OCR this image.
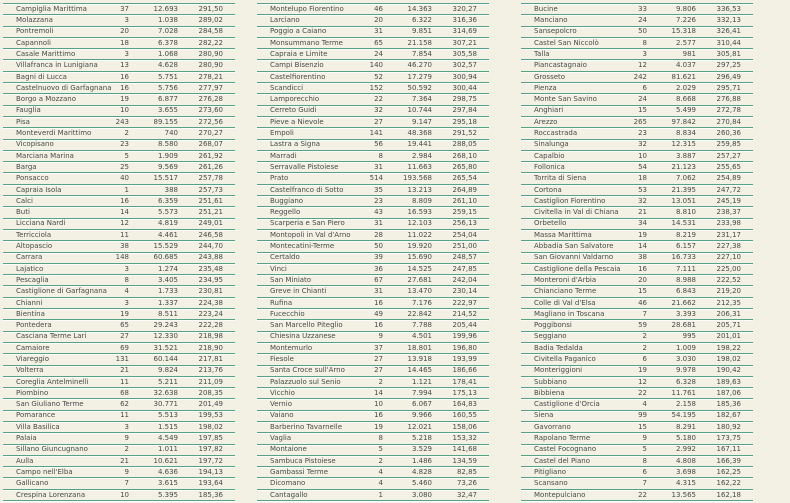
Campiglia Marittima	37	12.693	291,50
Molazzana	3	1.038	289,02
Pontremoli	20	7.028	284,58
Capannoli	18	6.378	282,22
Casale Marittimo	3	1.068	280,90
Villafranca in Lunigiana	13	4.628	280,90
Bagni di Lucca	16	5.751	278,21
Castelnuovo di Garfagnana 16	5.756	277,97
Borgo a Mozzano	19	6.877	276,28
Fauglia	10	3.655	273,60
Pisa	243	89.155	272,56
Monteverdi Marittimo	2	740	270,27
Vicopisano	23	8.580	268,07
Marciana Marina	5	1.909	261,92
Barga	25	9.569	261,26
Ponsacco	40	15.517	257,78
Capraia Isola	1	388	257,73
Calci	16	6.359	251,61
Buti	14	5.573	251,21
Licciana Nardi	12	4.819	249,01
Terricciola	11	4.461	246,58
Altopascio	38	15.529	244,70
Carrara	148	60.685	243,88
Lajatico	3	1.274	235,48
Pescaglia	8	3.405	234,95
Castiglione di Garfagnana	4	1.733	230,81
Chianni	3	1.337	224,38
Bientina	19	8.511	223,24
Pontedera	65	29.243	222,28
Casciana Terme Lari	27	12.330	218,98
Camaiore	69	31.521	218,90
Viareggio	131	60.144	217,81
Volterra	21	9.824	213,76
Coreglia Antelminelli	11	5.211	211,09
Piombino	68	32.638	208,35
San Giuliano Terme	62	30.771	201,49
Pomarance	11	5.513	199,53
Villa Basilica	3	1.515	198,02
Palaia	9	4.549	197,85
Sillano Giuncugnano	2	1.011	197,82
Aulla	21	10.621	197,72
Campo nell'Elba	9	4.636	194,13
Gallicano	7	3.615	193,64
Crespina Lorenzana	10	5.395	185,36
Montelupo Fiorentino	46	14.363	320,27
Larciano	20	6.322	316,36
Poggio a Caiano	31	9.851	314,69
Monsummano Terme	65	21.158	307,21
Capraia e Limite	24	7.854	305,58
Campi Bisenzio	140	46.270	302,57
Castelfiorentino	52	17.279	300,94
Scandicci	152	50.592	300,44
Lamporecchio	22	7.364	298,75
Cerreto Guidi	32	10.744	297,84
Pieve a Nievole	27	9.147	295,18
Empoli	141	48.368	291,52
Lastra a Signa	56	19.441	288,05
Marradi	8	2.984	268,10
Serravalle Pistoiese	31	11.663	265,80
Prato	514	193.568	265,54
Castelfranco di Sotto	35	13.213	264,89
Buggiano	23	8.809	261,10
Reggello	43	16.593	259,15
Scarperia e San Piero	31	12.103	256,13
Montopoli in Val d'Arno	28	11.022	254,04
Montecatini-Terme	50	19.920	251,00
Certaldo	39	15.690	248,57
Vinci	36	14.525	247,85
San Miniato	67	27.681	242,04
Greve in Chianti	31	13.470	230,14
Rufina	16	7.176	222,97
Fucecchio	49	22.842	214,52
San Marcello Piteglio	16	7.788	205,44
Chiesina Uzzanese	9	4.501	199,96
Montemurlo	37	18.801	196,80
Fiesole	27	13.918	193,99
Santa Croce sull'Arno	27	14.465	186,66
Palazzuolo sul Senio	2	1.121	178,41
Vicchio	14	7.994	175,13
Vernio	10	6.067	164,83
Vaiano	16	9.966	160,55
Barberino Tavarnelle	19	12.021	158,06
Vaglia	8	5.218	153,32
Montaione	5	3.529	141,68
Sambuca Pistoiese	2	1.486	134,59
Gambassi Terme	4	4.828	82,85
Dicomano	4	5.460	73,26
Cantagallo	1	3.080	32,47
Bucine	33	9.806	336,53
Manciano	24	7.226	332,13
Sansepolcro	50	15.318	326,41
Castel San Niccolò	8	2.577	310,44
Talla	3	981	305,81
Piancastagnaio	12	4.037	297,25
Grosseto	242	81.621	296,49
Pienza	6	2.029	295,71
Monte San Savino	24	8.668	276,88
Anghiari	15	5.499	272,78
Arezzo	265	97.842	270,84
Roccastrada	23	8.834	260,36
Sinalunga	32	12.315	259,85
Capalbio	10	3.887	257,27
Follonica	54	21.123	255,65
Torrita di Siena	18	7.062	254,89
Cortona	53	21.395	247,72
Castiglion Fiorentino	32	13.051	245,19
Civitella in Val di Chiana	21	8.810	238,37
Orbetello	34	14.531	233,98
Massa Marittima	19	8.219	231,17
Abbadia San Salvatore	14	6.157	227,38
San Giovanni Valdarno	38	16.733	227,10
Castiglione della Pescaia	16	7.111	225,00
Monteroni d'Arbia	20	8.988	222,52
Chianciano Terme	15	6.843	219,20
Colle di Val d'Elsa	46	21.662	212,35
Magliano in Toscana	7	3.393	206,31
Poggibonsi	59	28.681	205,71
Seggiano	2	995	201,01
Badia Tedalda	2	1.009	198,22
Civitella Paganico	6	3.030	198,02
Monteriggioni	19	9.978	190,42
Subbiano	12	6.328	189,63
Bibbiena	22	11.761	187,06
Castiglione d'Orcia	4	2.158	185,36
Siena	99	54.195	182,67
Gavorrano	15	8.291	180,92
Rapolano Terme	9	5.180	173,75
Castel Focognano	5	2.992	167,11
Castel del Piano	8	4.808	166,39
Pitigliano	6	3.698	162,25
Scansano	7	4.315	162,22
Montepulciano	22	13.565	162,18
